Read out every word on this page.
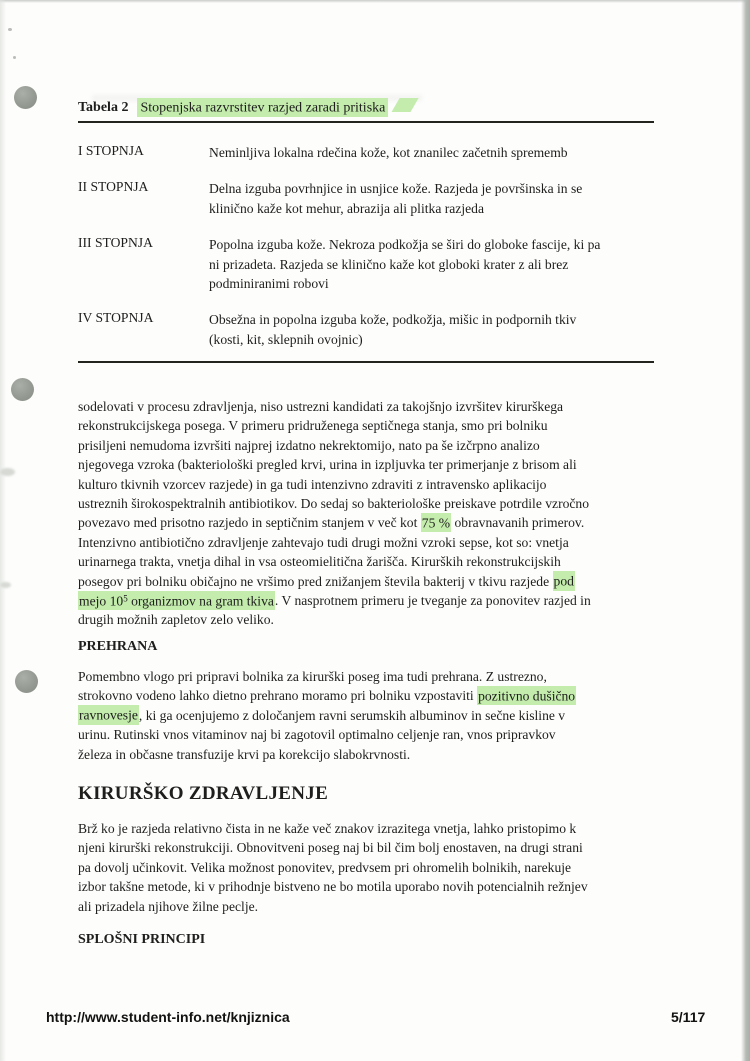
Tabela 2 Stopenjska razvrstitev razjed zaradi pritiska
I STOPNJA	Neminljiva lokalna rdečina kože, kot znanilec začetnih sprememb
II STOPNJA	Delna izguba povrhnjice in usnjice kože. Razjeda je površinska in se
klinično kaže kot mehur, abrazija ali plitka razjeda
III STOPNJA	Popolna izguba kože. Nekroza podkožja se širi do globoke fascije, ki pa
ni prizadeta. Razjeda se klinično kaže kot globoki krater z ali brez
podminiranimi robovi
IV STOPNJA	Obsežna in popolna izguba kože, podkožja, mišic in podpornih tkiv
(kosti, kit, sklepnih ovojnic)
sodelovati v procesu zdravljenja, niso ustrezni kandidati za takojšnjo izvršitev kirurškega
rekonstrukcijskega posega. V primeru pridruženega septičnega stanja, smo pri bolniku
prisiljeni nemudoma izvršiti najprej izdatno nekrektomijo, nato pa še izčrpno analizo
njegovega vzroka (bakteriološki pregled krvi, urina in izpljuvka ter primerjanje z brisom ali
kulturo tkivnih vzorcev razjede) in ga tudi intenzivno zdraviti z intravensko aplikacijo
ustreznih širokospektralnih antibiotikov. Do sedaj so bakteriološke preiskave potrdile vzročno
povezavo med prisotno razjedo in septičnim stanjem v več kot 75 % obravnavanih primerov.
Intenzivno antibiotično zdravljenje zahtevajo tudi drugi možni vzroki sepse, kot so: vnetja
urinarnega trakta, vnetja dihal in vsa osteomielitična žarišča. Kirurških rekonstrukcijskih
posegov pri bolniku običajno ne vršimo pred znižanjem števila bakterij v tkivu razjede pod
mejo $10^5$ organizmov na gram tkiva. V nasprotnem primeru je tveganje za ponovitev razjed in
drugih možnih zapletov zelo veliko.
PREHRANA
Pomembno vlogo pri pripravi bolnika za kirurški poseg ima tudi prehrana. Z ustrezno,
strokovno vodeno lahko dietno prehrano moramo pri bolniku vzpostaviti pozitivno dušično
ravnovesje, ki ga ocenjujemo z določanjem ravni serumskih albuminov in sečne kisline v
urinu. Rutinski vnos vitaminov naj bi zagotovil optimalno celjenje ran, vnos pripravkov
železa in občasne transfuzije krvi pa korekcijo slabokrvnosti.
KIRURŠKO ZDRAVLJENJE
Brž ko je razjeda relativno čista in ne kaže več znakov izrazitega vnetja, lahko pristopimo k
njeni kirurški rekonstrukciji. Obnovitveni poseg naj bi bil čim bolj enostaven, na drugi strani
pa dovolj učinkovit. Velika možnost ponovitev, predvsem pri ohromelih bolnikih, narekuje
izbor takšne metode, ki v prihodnje bistveno ne bo motila uporabo novih potencialnih režnjev
ali prizadela njihove žilne peclje.
SPLOŠNI PRINCIPI
http://www.student-info.net/knjiznica	5/117
